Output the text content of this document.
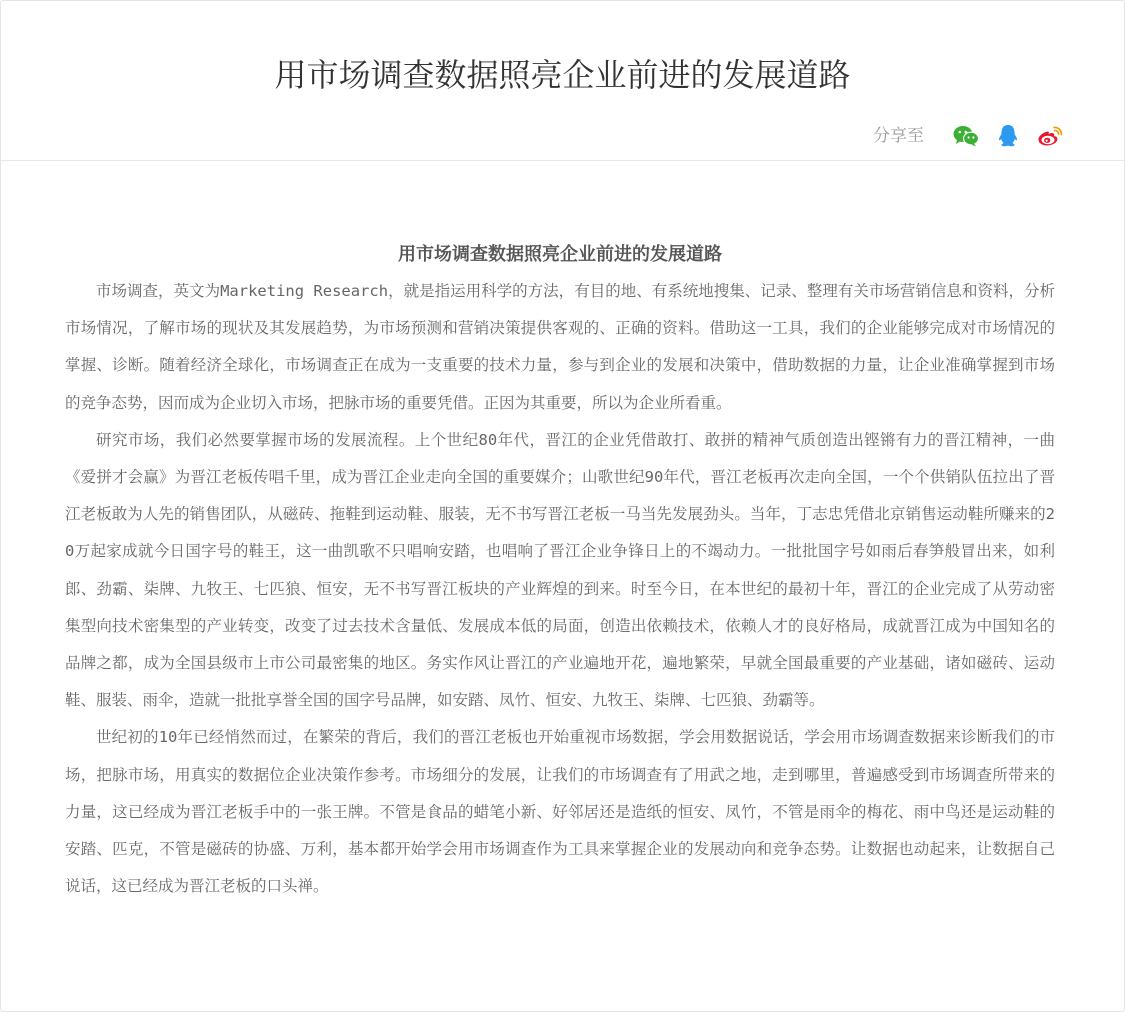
用市场调查数据照亮企业前进的发展道路
分享至
用市场调查数据照亮企业前进的发展道路

市场调查，英文为Marketing Research，就是指运用科学的方法，有目的地、有系统地搜集、记录、整理有关市场营销信息和资料，分析市场情况，了解市场的现状及其发展趋势，为市场预测和营销决策提供客观的、正确的资料。借助这一工具，我们的企业能够完成对市场情况的掌握、诊断。随着经济全球化，市场调查正在成为一支重要的技术力量，参与到企业的发展和决策中，借助数据的力量，让企业准确掌握到市场的竞争态势，因而成为企业切入市场，把脉市场的重要凭借。正因为其重要，所以为企业所看重。

研究市场，我们必然要掌握市场的发展流程。上个世纪80年代，晋江的企业凭借敢打、敢拼的精神气质创造出铿锵有力的晋江精神，一曲《爱拼才会赢》为晋江老板传唱千里，成为晋江企业走向全国的重要媒介；山歌世纪90年代，晋江老板再次走向全国，一个个供销队伍拉出了晋江老板敢为人先的销售团队，从磁砖、拖鞋到运动鞋、服装，无不书写晋江老板一马当先发展劲头。当年，丁志忠凭借北京销售运动鞋所赚来的20万起家成就今日国字号的鞋王，这一曲凯歌不只唱响安踏，也唱响了晋江企业争锋日上的不竭动力。一批批国字号如雨后春笋般冒出来，如利郎、劲霸、柒牌、九牧王、七匹狼、恒安，无不书写晋江板块的产业辉煌的到来。时至今日，在本世纪的最初十年，晋江的企业完成了从劳动密集型向技术密集型的产业转变，改变了过去技术含量低、发展成本低的局面，创造出依赖技术，依赖人才的良好格局，成就晋江成为中国知名的品牌之都，成为全国县级市上市公司最密集的地区。务实作风让晋江的产业遍地开花，遍地繁荣，早就全国最重要的产业基础，诸如磁砖、运动鞋、服装、雨伞，造就一批批享誉全国的国字号品牌，如安踏、凤竹、恒安、九牧王、柒牌、七匹狼、劲霸等。

世纪初的10年已经悄然而过，在繁荣的背后，我们的晋江老板也开始重视市场数据，学会用数据说话，学会用市场调查数据来诊断我们的市场，把脉市场，用真实的数据位企业决策作参考。市场细分的发展，让我们的市场调查有了用武之地，走到哪里，普遍感受到市场调查所带来的力量，这已经成为晋江老板手中的一张王牌。不管是食品的蜡笔小新、好邻居还是造纸的恒安、凤竹，不管是雨伞的梅花、雨中鸟还是运动鞋的安踏、匹克，不管是磁砖的协盛、万利，基本都开始学会用市场调查作为工具来掌握企业的发展动向和竞争态势。让数据也动起来，让数据自己说话，这已经成为晋江老板的口头禅。
